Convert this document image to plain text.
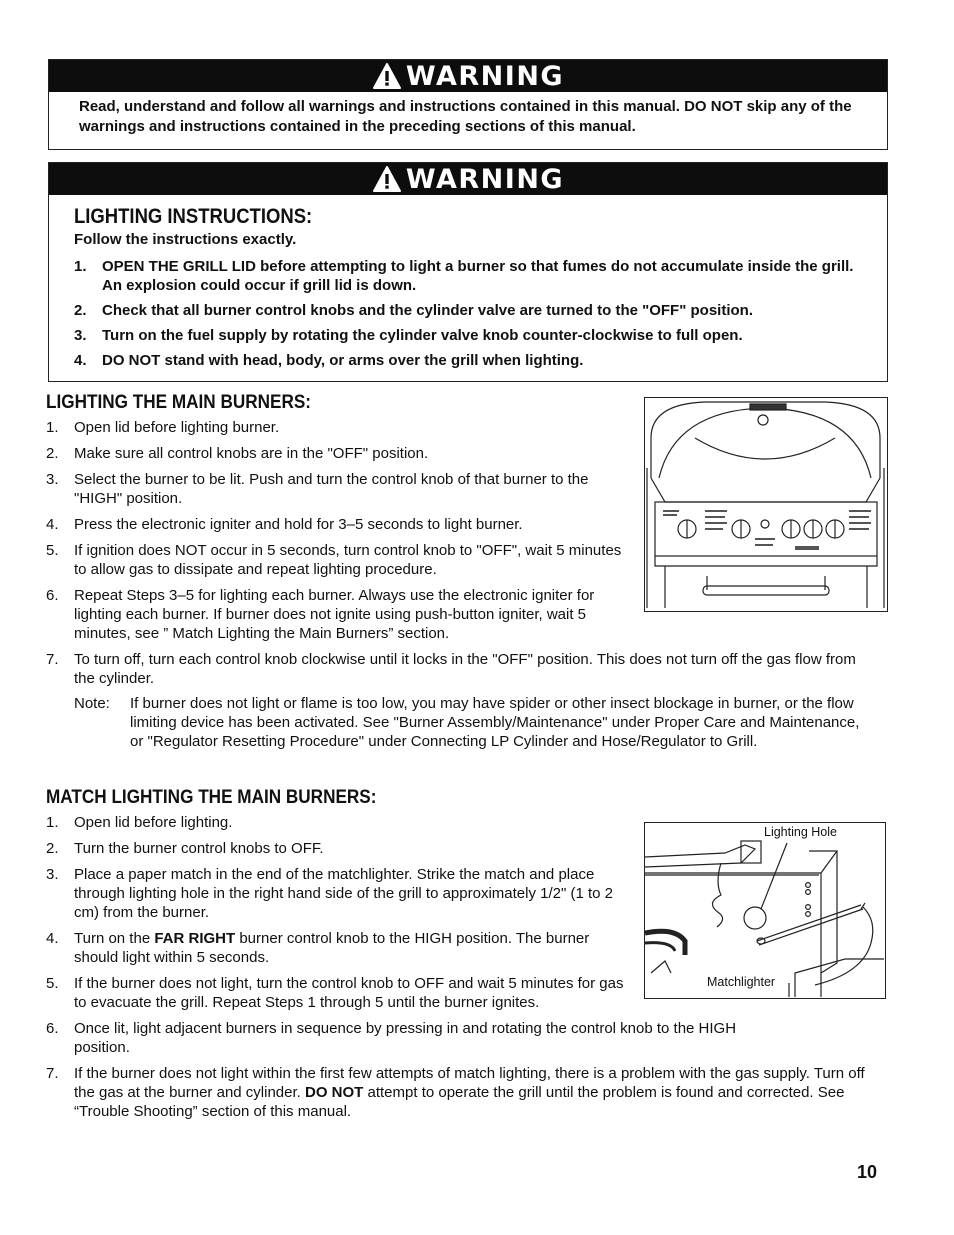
WARNING
Read, understand and follow all warnings and instructions contained in this manual. DO NOT skip any of the warnings and instructions contained in the preceding sections of this manual.
WARNING
LIGHTING INSTRUCTIONS:
Follow the instructions exactly.
1.	OPEN THE GRILL LID before attempting to light a burner so that fumes do not accumulate inside the grill. An explosion could occur if grill lid is down.
2.	Check that all burner control knobs and the cylinder valve are turned to the "OFF" position.
3.	Turn on the fuel supply by rotating the cylinder valve knob counter-clockwise to full open.
4.	DO NOT stand with head, body, or arms over the grill when lighting.
LIGHTING THE MAIN BURNERS:
1.	Open lid before lighting burner.
2.	Make sure all control knobs are in the "OFF" position.
3.	Select the burner to be lit. Push and turn the control knob of that burner to the "HIGH" position.
4.	Press the electronic igniter and hold for 3–5 seconds to light burner.
5.	If ignition does NOT occur in 5 seconds, turn control knob to "OFF", wait 5 minutes to allow gas to dissipate and repeat lighting procedure.
6.	Repeat Steps 3–5 for lighting each burner. Always use the electronic igniter for lighting each burner. If burner does not ignite using push-button igniter, wait 5 minutes, see ” Match Lighting the Main Burners” section.
7.	To turn off, turn each control knob clockwise until it locks in the "OFF" position. This does not turn off the gas flow from the cylinder.
Note:	If burner does not light or flame is too low, you may have spider or other insect blockage in burner, or the flow limiting device has been activated. See "Burner Assembly/Maintenance" under Proper Care and Maintenance, or "Regulator Resetting Procedure" under Connecting LP Cylinder and Hose/Regulator to Grill.
MATCH LIGHTING THE MAIN BURNERS:
1.	Open lid before lighting.
2.	Turn the burner control knobs to OFF.
3.	Place a paper match in the end of the matchlighter. Strike the match and place through lighting hole in the right hand side of the grill to approximately 1/2" (1 to 2 cm) from the burner.
4.	Turn on the FAR RIGHT burner control knob to the HIGH position. The burner should light within 5 seconds.
5.	If the burner does not light, turn the control knob to OFF and wait 5 minutes for gas to evacuate the grill. Repeat Steps 1 through 5 until the burner ignites.
6.	Once lit, light adjacent burners in sequence by pressing in and rotating the control knob to the HIGH position.
7.	If the burner does not light within the first few attempts of match lighting, there is a problem with the gas supply. Turn off the gas at the burner and cylinder. DO NOT attempt to operate the grill until the problem is found and corrected. See “Trouble Shooting” section of this manual.
Lighting Hole
Matchlighter
10
